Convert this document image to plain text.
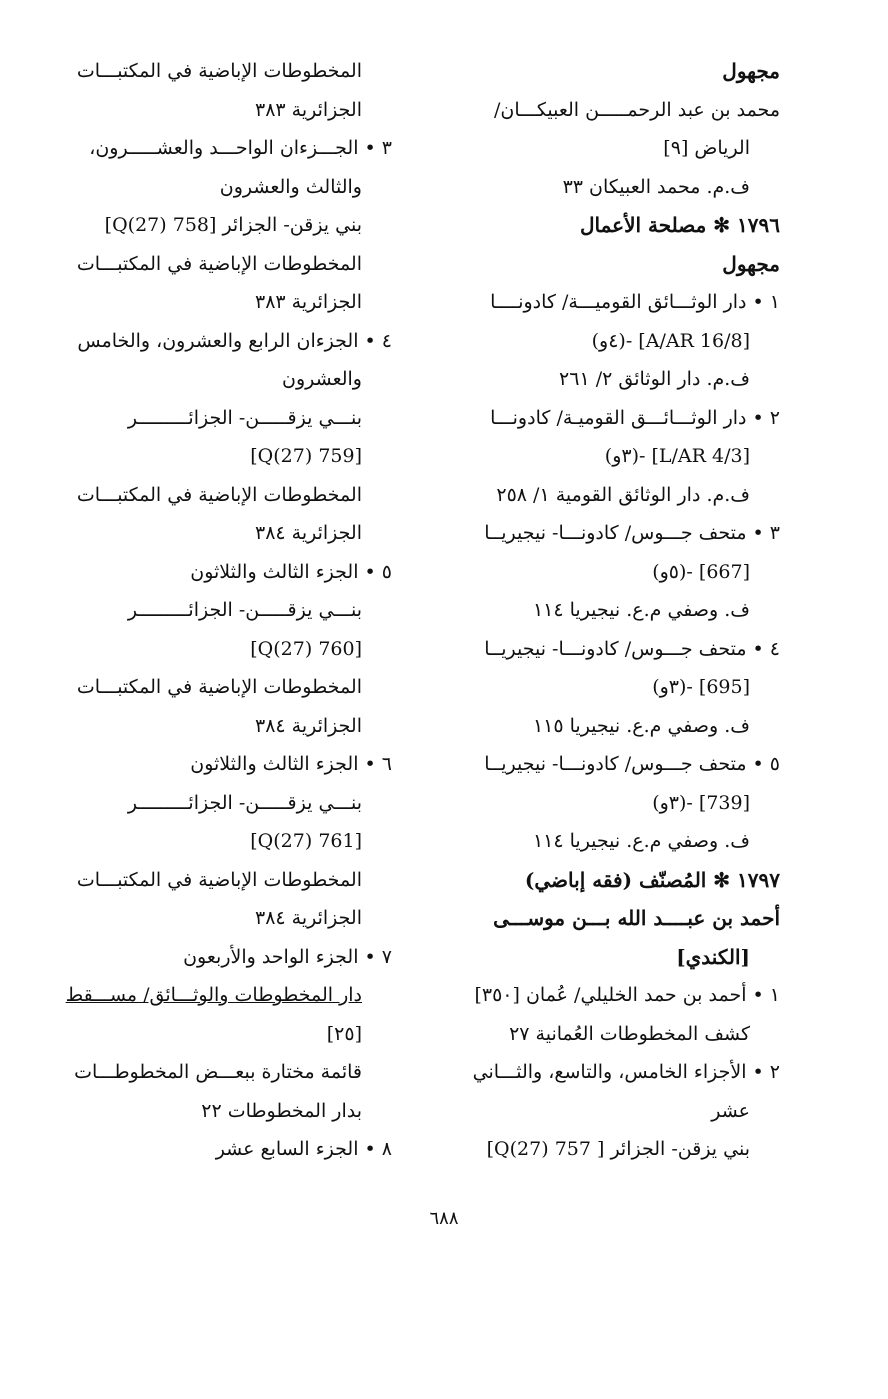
مجهول
محمد بن عبد الرحمـــــن العبيكـــان/
الرياض [٩]
ف.م. محمد العبيكان ٣٣
١٧٩٦ ✻ مصلحة الأعمال
مجهول
١ • دار الوثـــائق القوميـــة/ كادونــــا
[A/AR 16/8] -(٤و)
ف.م. دار الوثائق ٢/ ٢٦١
٢ • دار الوثـــائـــق القوميـة/ كادونـــا
[L/AR 4/3] -(٣و)
ف.م. دار الوثائق القومية ١/ ٢٥٨
٣ • متحف جـــوس/ كادونـــا- نيجيريــا
[667] -(٥و)
ف. وصفي م.ع. نيجيريا ١١٤
٤ • متحف جـــوس/ كادونـــا- نيجيريــا
[695] -(٣و)
ف. وصفي م.ع. نيجيريا ١١٥
٥ • متحف جـــوس/ كادونـــا- نيجيريــا
[739] -(٣و)
ف. وصفي م.ع. نيجيريا ١١٤
١٧٩٧ ✻ المُصنّف (فقه إباضي)
أحمد بن عبــــد الله بـــن موســـى
[الكندي]
١ • أحمد بن حمد الخليلي/ عُمان [٣٥٠]
كشف المخطوطات العُمانية ٢٧
٢ • الأجزاء الخامس، والتاسع، والثـــاني
عشر
بني يزقن- الجزائر [ 757 Q(27)]
المخطوطات الإباضية في المكتبـــات
الجزائرية ٣٨٣
٣ • الجـــزءان الواحـــد والعشـــــرون،
والثالث والعشرون
بني يزقن- الجزائر [758 Q(27)]
المخطوطات الإباضية في المكتبـــات
الجزائرية ٣٨٣
٤ • الجزءان الرابع والعشرون، والخامس
والعشرون
بنـــي يزقـــــن- الجزائـــــــــر
[759 Q(27)]
المخطوطات الإباضية في المكتبـــات
الجزائرية ٣٨٤
٥ • الجزء الثالث والثلاثون
بنـــي يزقـــــن- الجزائـــــــــر
[760 Q(27)]
المخطوطات الإباضية في المكتبـــات
الجزائرية ٣٨٤
٦ • الجزء الثالث والثلاثون
بنـــي يزقـــــن- الجزائـــــــــر
[761 Q(27)]
المخطوطات الإباضية في المكتبـــات
الجزائرية ٣٨٤
٧ • الجزء الواحد والأربعون
دار المخطوطات والوثـــائق/ مســـقط
[٢٥]
قائمة مختارة ببعـــض المخطوطـــات
بدار المخطوطات ٢٢
٨ • الجزء السابع عشر
٦٨٨
